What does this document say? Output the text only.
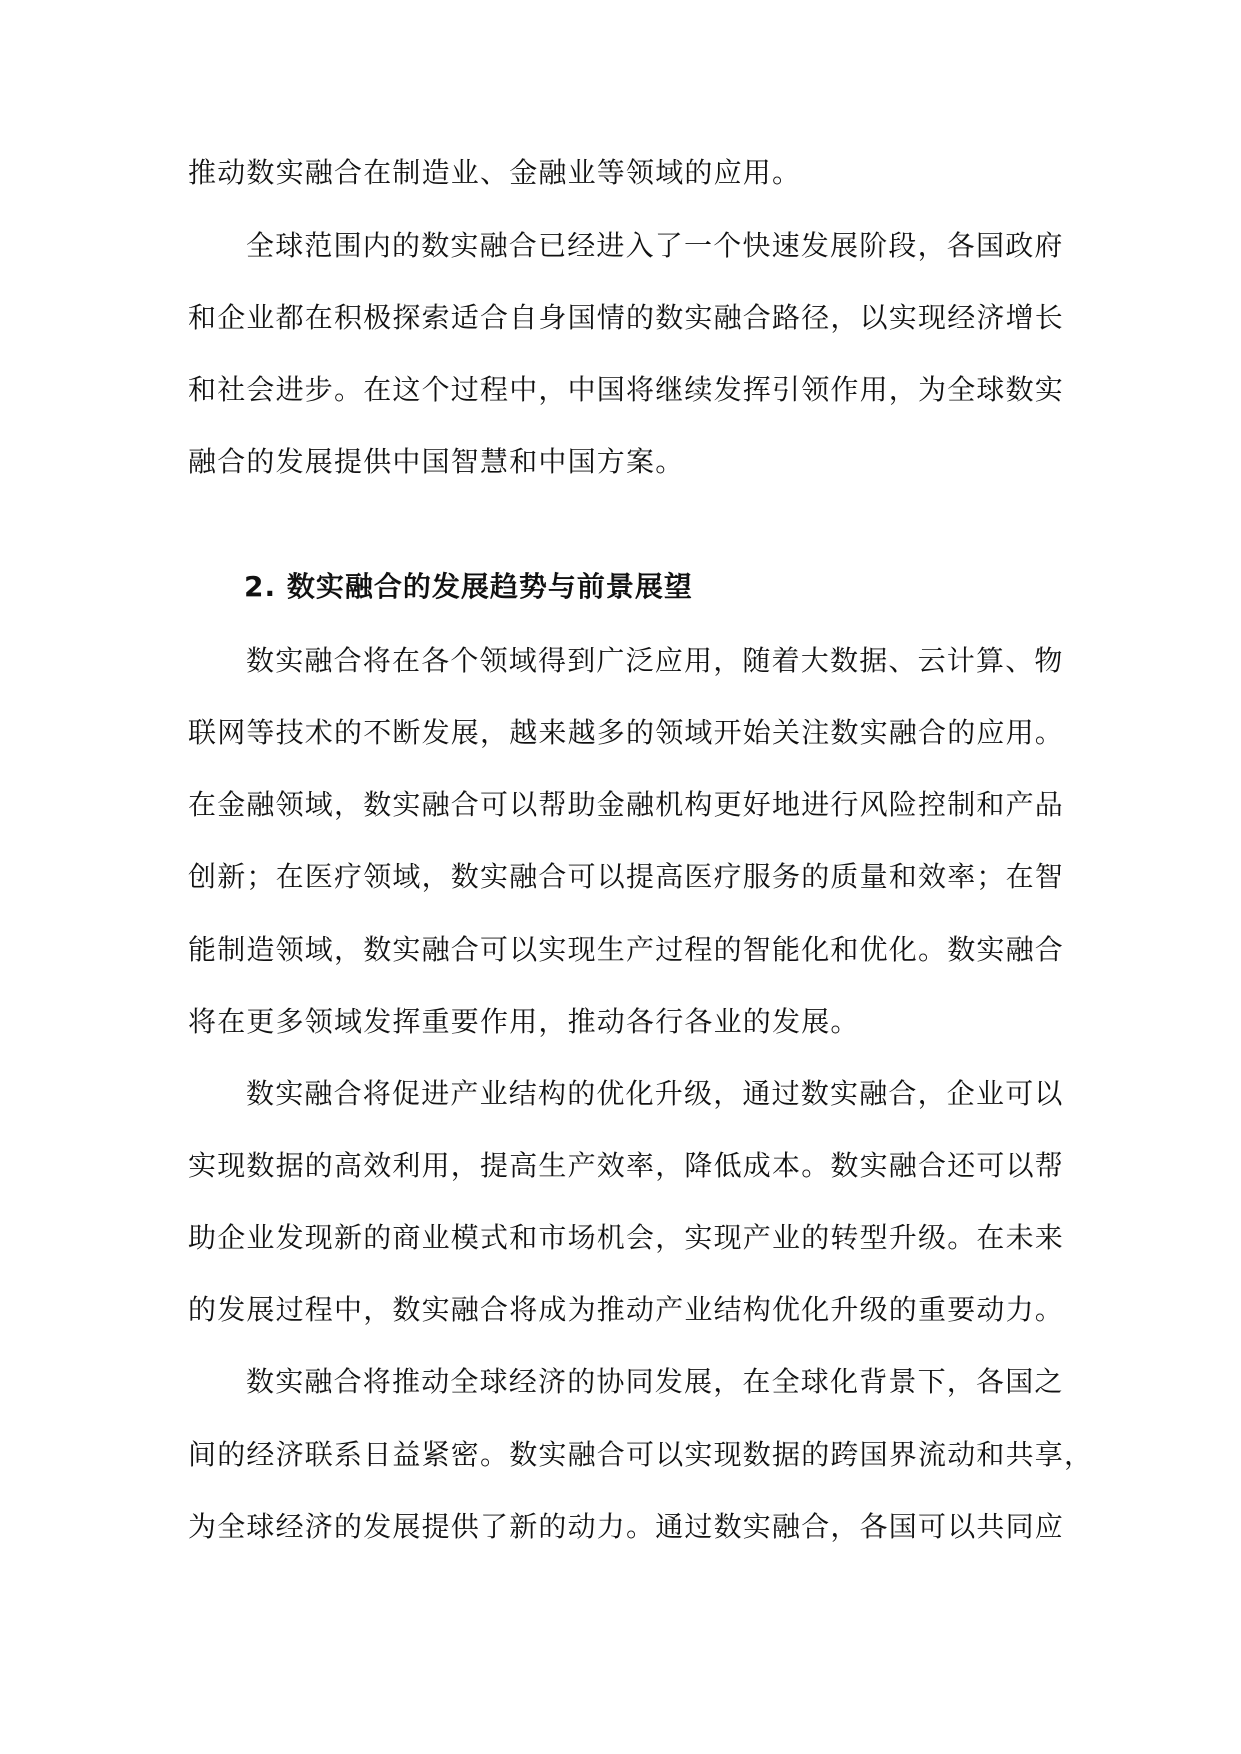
推动数实融合在制造业、金融业等领域的应用。
全球范围内的数实融合已经进入了一个快速发展阶段，各国政府
和企业都在积极探索适合自身国情的数实融合路径，以实现经济增长
和社会进步。在这个过程中，中国将继续发挥引领作用，为全球数实
融合的发展提供中国智慧和中国方案。
2. 数实融合的发展趋势与前景展望
数实融合将在各个领域得到广泛应用，随着大数据、云计算、物
联网等技术的不断发展，越来越多的领域开始关注数实融合的应用。
在金融领域，数实融合可以帮助金融机构更好地进行风险控制和产品
创新；在医疗领域，数实融合可以提高医疗服务的质量和效率；在智
能制造领域，数实融合可以实现生产过程的智能化和优化。数实融合
将在更多领域发挥重要作用，推动各行各业的发展。
数实融合将促进产业结构的优化升级，通过数实融合，企业可以
实现数据的高效利用，提高生产效率，降低成本。数实融合还可以帮
助企业发现新的商业模式和市场机会，实现产业的转型升级。在未来
的发展过程中，数实融合将成为推动产业结构优化升级的重要动力。
数实融合将推动全球经济的协同发展，在全球化背景下，各国之
间的经济联系日益紧密。数实融合可以实现数据的跨国界流动和共享，
为全球经济的发展提供了新的动力。通过数实融合，各国可以共同应
